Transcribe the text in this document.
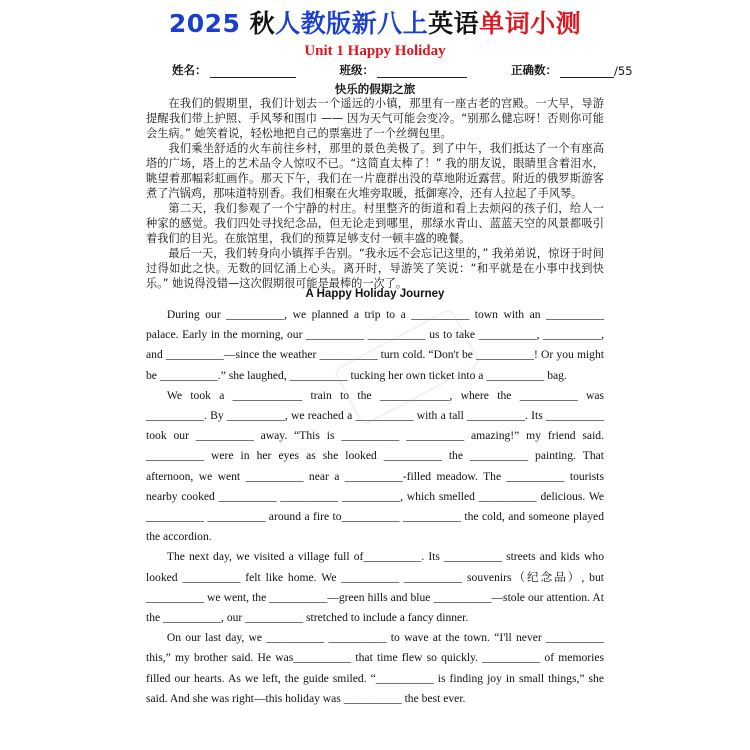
2025 秋人教版新八上英语单词小测
Unit 1 Happy Holiday
姓名：	班级：	正确数：	/55
快乐的假期之旅

在我们的假期里，我们计划去一个遥远的小镇，那里有一座古老的宫殿。一大早，导游提醒我们带上护照、手风琴和围巾 —— 因为天气可能会变冷。“别那么健忘呀！否则你可能会生病。” 她笑着说，轻松地把自己的票塞进了一个丝绸包里。

我们乘坐舒适的火车前往乡村，那里的景色美极了。到了中午，我们抵达了一个有座高塔的广场，塔上的艺术品令人惊叹不已。“这简直太棒了！” 我的朋友说，眼睛里含着泪水，眺望着那幅彩虹画作。那天下午，我们在一片鹿群出没的草地附近露营。附近的俄罗斯游客煮了汽锅鸡，那味道特别香。我们相聚在火堆旁取暖，抵御寒冷，还有人拉起了手风琴。

第二天，我们参观了一个宁静的村庄。村里整齐的街道和看上去烦闷的孩子们，给人一种家的感觉。我们四处寻找纪念品，但无论走到哪里，那绿水青山、蓝蓝天空的风景都吸引着我们的目光。在旅馆里，我们的预算足够支付一顿丰盛的晚餐。

最后一天，我们转身向小镇挥手告别。“我永远不会忘记这里的，” 我弟弟说，惊讶于时间过得如此之快。无数的回忆涌上心头。离开时，导游笑了笑说：“和平就是在小事中找到快乐。” 她说得没错—这次假期很可能是最棒的一次了。

A Happy Holiday Journey

During our __________, we planned a trip to a __________ town with an __________ palace. Early in the morning, our __________ __________ us to take __________, __________, and __________—since the weather __________ turn cold. “Don't be __________! Or you might be __________.” she laughed, __________ tucking her own ticket into a __________ bag.

We took a ____________ train to the ____________, where the __________ was __________. By __________, we reached a __________ with a tall __________. Its __________ took our __________ away. “This is __________ __________ amazing!” my friend said. __________ were in her eyes as she looked __________ the __________ painting. That afternoon, we went __________ near a __________-filled meadow. The __________ tourists nearby cooked __________ __________ __________, which smelled __________ delicious. We __________ __________ around a fire to__________ __________ the cold, and someone played the accordion.

The next day, we visited a village full of__________. Its __________ streets and kids who looked __________ felt like home. We __________ __________ souvenirs（纪念品）, but __________ we went, the __________—green hills and blue __________—stole our attention. At the __________, our __________ stretched to include a fancy dinner.

On our last day, we __________ __________ to wave at the town. “I'll never __________ this,” my brother said. He was__________ that time flew so quickly. __________ of memories filled our hearts. As we left, the guide smiled. “__________ is finding joy in small things,” she said. And she was right—this holiday was __________ the best ever.
